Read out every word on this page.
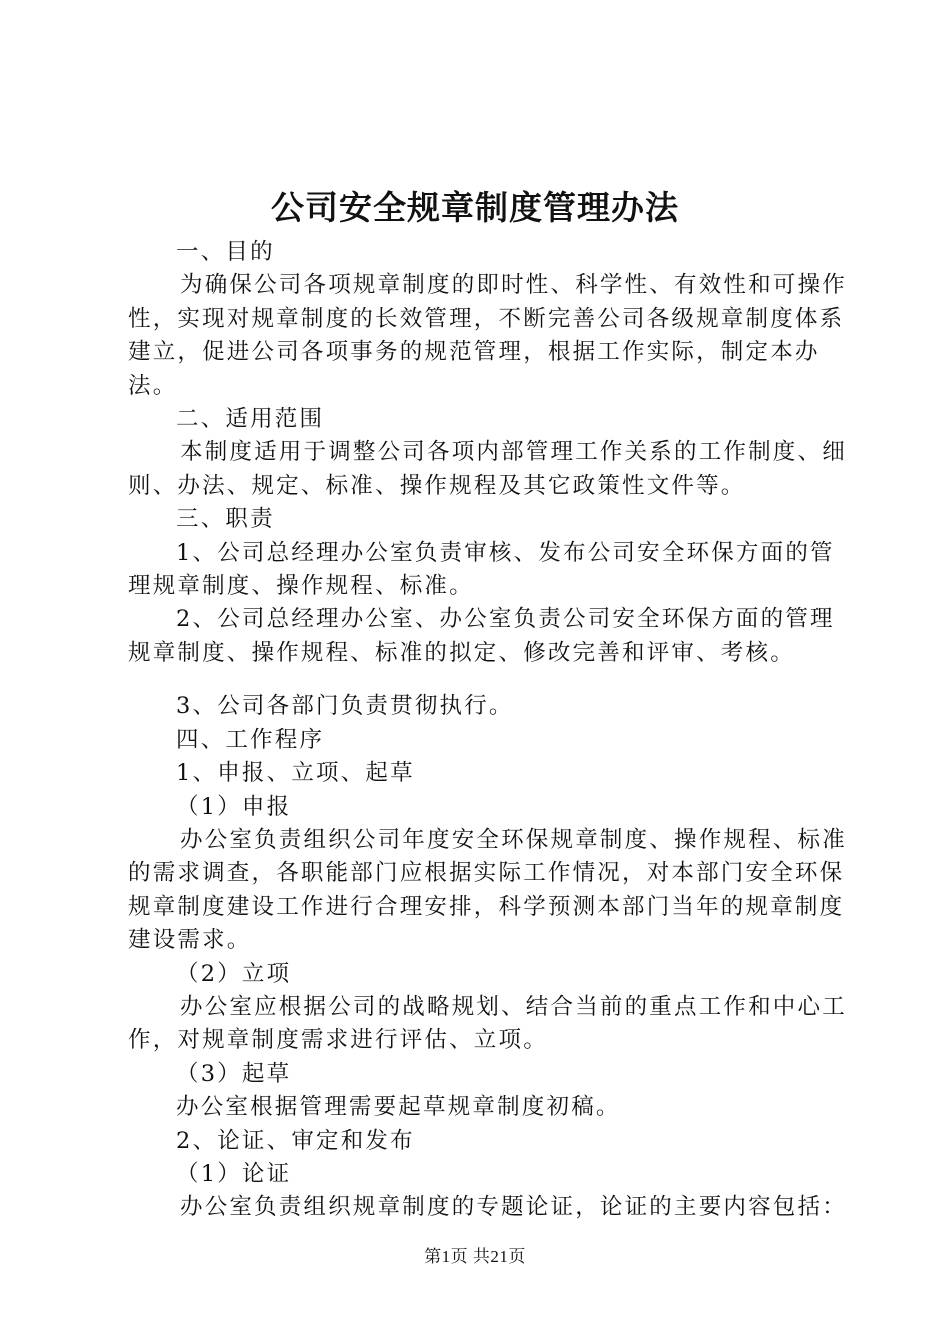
公司安全规章制度管理办法

一、目的

为确保公司各项规章制度的即时性、科学性、有效性和可操作性，实现对规章制度的长效管理，不断完善公司各级规章制度体系建立，促进公司各项事务的规范管理，根据工作实际，制定本办法。

二、适用范围

本制度适用于调整公司各项内部管理工作关系的工作制度、细则、办法、规定、标准、操作规程及其它政策性文件等。

三、职责

1、公司总经理办公室负责审核、发布公司安全环保方面的管理规章制度、操作规程、标准。

2、公司总经理办公室、办公室负责公司安全环保方面的管理规章制度、操作规程、标准的拟定、修改完善和评审、考核。

3、公司各部门负责贯彻执行。

四、工作程序

1、申报、立项、起草

（1）申报

办公室负责组织公司年度安全环保规章制度、操作规程、标准的需求调查，各职能部门应根据实际工作情况，对本部门安全环保规章制度建设工作进行合理安排，科学预测本部门当年的规章制度建设需求。

（2）立项

办公室应根据公司的战略规划、结合当前的重点工作和中心工作，对规章制度需求进行评估、立项。

（3）起草

办公室根据管理需要起草规章制度初稿。

2、论证、审定和发布

（1）论证

办公室负责组织规章制度的专题论证，论证的主要内容包括：

第1页 共21页
